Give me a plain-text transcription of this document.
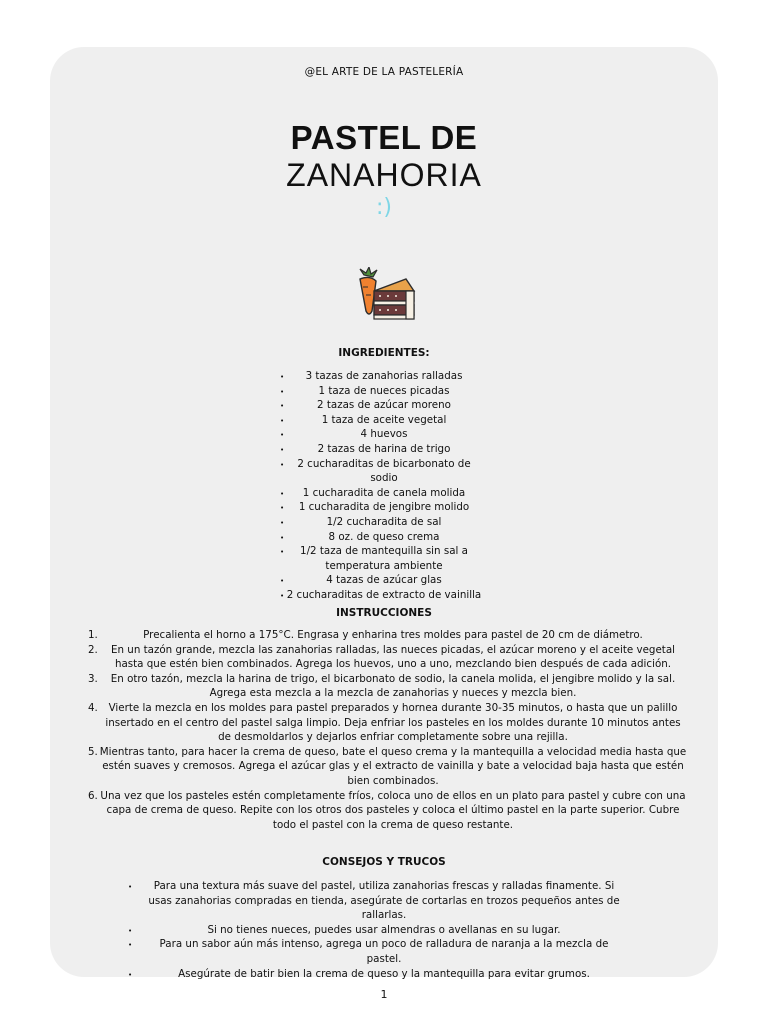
@EL ARTE DE LA PASTELERÍA
PASTEL DE
ZANAHORIA
:)
INGREDIENTES:
• 3 tazas de zanahorias ralladas
• 1 taza de nueces picadas
• 2 tazas de azúcar moreno
• 1 taza de aceite vegetal
• 4 huevos
• 2 tazas de harina de trigo
• 2 cucharaditas de bicarbonato de sodio
• 1 cucharadita de canela molida
• 1 cucharadita de jengibre molido
• 1/2 cucharadita de sal
• 8 oz. de queso crema
• 1/2 taza de mantequilla sin sal a temperatura ambiente
• 4 tazas de azúcar glas
• 2 cucharaditas de extracto de vainilla
INSTRUCCIONES
1.	Precalienta el horno a 175°C. Engrasa y enharina tres moldes para pastel de 20 cm de diámetro.
2. En un tazón grande, mezcla las zanahorias ralladas, las nueces picadas, el azúcar moreno y el aceite vegetal hasta que estén bien combinados. Agrega los huevos, uno a uno, mezclando bien después de cada adición.
3. En otro tazón, mezcla la harina de trigo, el bicarbonato de sodio, la canela molida, el jengibre molido y la sal. Agrega esta mezcla a la mezcla de zanahorias y nueces y mezcla bien.
4. Vierte la mezcla en los moldes para pastel preparados y hornea durante 30-35 minutos, o hasta que un palillo insertado en el centro del pastel salga limpio. Deja enfriar los pasteles en los moldes durante 10 minutos antes de desmoldarlos y dejarlos enfriar completamente sobre una rejilla.
5. Mientras tanto, para hacer la crema de queso, bate el queso crema y la mantequilla a velocidad media hasta que estén suaves y cremosos. Agrega el azúcar glas y el extracto de vainilla y bate a velocidad baja hasta que estén bien combinados.
6. Una vez que los pasteles estén completamente fríos, coloca uno de ellos en un plato para pastel y cubre con una capa de crema de queso. Repite con los otros dos pasteles y coloca el último pastel en la parte superior. Cubre todo el pastel con la crema de queso restante.
CONSEJOS Y TRUCOS
• Para una textura más suave del pastel, utiliza zanahorias frescas y ralladas finamente. Si usas zanahorias compradas en tienda, asegúrate de cortarlas en trozos pequeños antes de rallarlas.
• Si no tienes nueces, puedes usar almendras o avellanas en su lugar.
• Para un sabor aún más intenso, agrega un poco de ralladura de naranja a la mezcla de pastel.
• Asegúrate de batir bien la crema de queso y la mantequilla para evitar grumos.
1
